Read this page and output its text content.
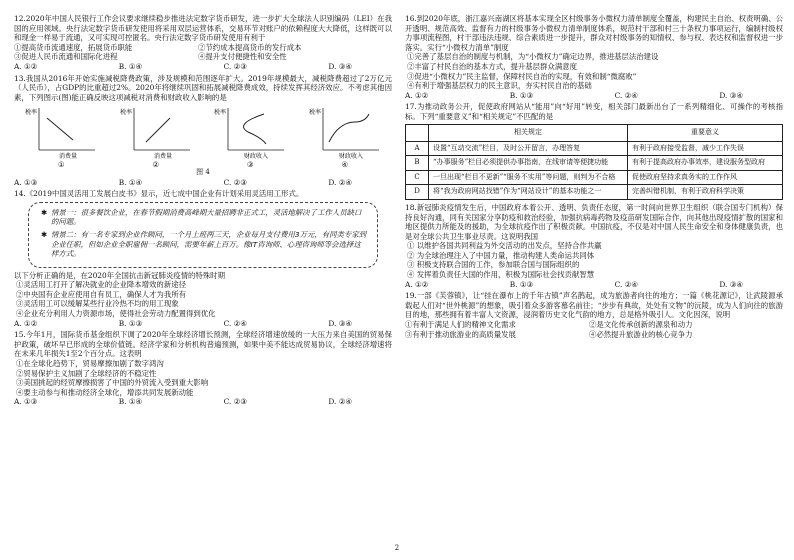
12.2020年中国人民银行工作会议要求继续稳步推进法定数字货币研发，进一步扩大全球法人识别编码（LEI）在我国的应用领域。央行法定数字货币研发使用将采用双层运营体系，交易环节对账户的依赖程度大大降低，这样既可以和现金一样易于流通，又可实现可控匿名。央行法定数字货币研发使用有利于
①提高货币流通速度，拓展货币职能	②节约成本提高货币的发行成本
③促进人民币流通和国际化进程	④提升支付便捷性和安全性
A. ①②	B. ①④	C. ②③	D. ③④
13.我国从2016年开始实施减税降费政策，涉及规模和范围逐年扩大。2019年规模最大，减税降费超过了2万亿元（人民币），占GDP的比重超过2%。2020年将继续巩固和拓展减税降费成效，持续发挥其经济效应。不考虑其他因素，下列图示(图)能正确反映这项减税对消费和财政收入影响的是
税率
消费量
①
税率
消费量
②
税率
财政收入
③
税率
财政收入
④
图 4
A. ①③	B. ①④	C. ②③	D. ②④
14.《2019中国灵活用工发展白皮书》显示，近七成中国企业有计划采用灵活用工形式。

✱ 情景一：很多餐饮企业，在春节假期消费高峰期大量招聘非正式工，灵活地解决了工作人员缺口的问题。

✱ 情景二：有一名专家到企业作顾问，一个月上班两三天，企业每月支付费用3万元，有同类专家到企业任职，但如企业全职雇佣一名顾问，需要年薪上百万。像IT咨询师、心理咨询师等会选择这样方式。

以下分析正确的是，在2020年全国抗击新冠肺炎疫情的特殊时期
①灵活用工打开了解决就业的企业降本增效的新途径
②中央国有企业应使用自有员工，确保人才为我所有
③灵活用工可以缓解某些行业冷热不均的用工现象
④企业充分利用人力资源市场，使得社会劳动力配置得到优化
A. ①②	B. ①③	C. ②④	D. ③④
15.今年1月，国际货币基金组织下调了2020年全球经济增长预测，全球经济增速放缓的一大压力来自美国的贸易保护政策，破坏早已形成的全球价值链。经济学家和分析机构普遍预测，如果中美不能达成贸易协议，全球经济增速将在未来几年损失1至2个百分点。这表明
①在全球化趋势下，贸易摩擦加剧了数字鸿沟
②贸易保护主义加剧了全球经济的不稳定性
③美国挑起的经贸摩擦损害了中国的外贸流入受到重大影响
④要主动参与和推动经济全球化，增添共同发展新动能
A. ①③	B. ①④	C. ②③	D. ②④
16.到2020年底，浙江嘉兴南湖区将基本实现全区村级事务小微权力清单制度全覆盖，构建民主自治、权责明确、公开透明、规范高效、监督有力的村级事务小微权力清单制度体系，规范村干部和村三十条权力事项运行，编制村级权力事项流程图，村干部违法违规、综合素质进一步提升，群众对村级事务的知情权、参与权、表达权和监督权进一步落实。实行“小微权力清单”制度
①完善了基层自治的制度与机制，为“小微权力”确定边界，推进基层法治建设
②丰富了村民自治的基本方式，提升基层群众满意度
③促进“小微权力”民主监督，保障村民自治的实现，有效和制“微腐败”
④有利于增强基层权力的民主意识，夯实村民自治的基础
A. ①②	B. ①③	C. ②④	D. ③④
17.为推动政务公开，促使政府网站从“能用”向“好用”转变，相关部门最新出台了一系列精细化、可操作的考核指标。下列“重要意义”和“相关规定”不匹配的是
	相关规定	重要意义
A	设置“互动交流”栏目，及时公开留言，办理答复	有利于政府接受监督，减少工作失误
B	“办事服务”栏目必须提供办事指南，在线审请等便捷功能	有利于提高政府办事效率，建设服务型政府
C	一旦出现“栏目不更新”“服务不实用”等问题，则判为不合格	促使政府坚持求真务实的工作作风
D	将“我为政府网站找错”作为“网站设计”的基本功能之一	完善纠错机制，有利于政府科学决策
18.新冠肺炎疫情发生后，中国政府本着公开、透明、负责任态度，第一时间向世界卫生组织（联合国专门机构）保持良好沟通，同有关国家分享防疫和救治经验，加强抗病毒药物及疫苗研发国际合作，向其他出现疫情扩散的国家和地区提供力所能及的援助，为全球抗疫作出了积极贡献。中国抗疫，不仅是对中国人民生命安全和身体健康负责，也是对全球公共卫生事业尽责。这说明我国
① 以维护各国共同利益为外交活动的出发点，坚持合作共赢
② 为全球治理注入了中国力量，推动构建人类命运共同体
③ 积极支持联合国的工作，参加联合国与国际组织的
④ 发挥着负责任大国的作用，积极为国际社会找贡献智慧
A. ①②	B. ①③	C. ②④	D. ③④
19.一部《芙蓉镇》，让“挂在瀑布上的千年古镇”声名鹊起，成为旅游者向往的地方；一篇《桃花源记》，让武陵源承载起人们对“世外桃源”的想象，吸引着众多游客慕名前往；“步步有典故，处处有文物”的沅陵，成为人们向往的旅游目的地，那些拥有着丰富人文资源，浸润着历史文化气韵的地方，总是格外吸引人。文化因深，说明
①有利于满足人们的精神文化需求	②是文化传承创新的源泉和动力
③有利于推动旅游业的高质量发展	④必然提升旅游业的核心竞争力
2
